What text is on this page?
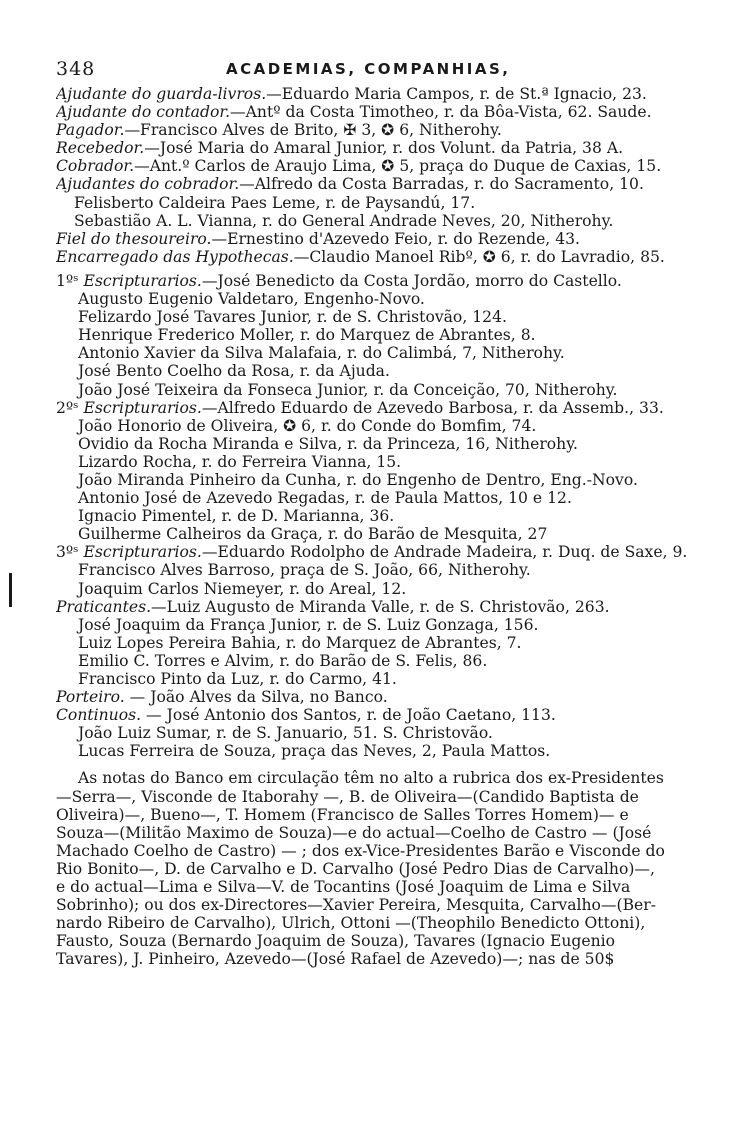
348	ACADEMIAS, COMPANHIAS,
Ajudante do guarda-livros.—Eduardo Maria Campos, r. de St.ª Ignacio, 23.
Ajudante do contador.—Antº da Costa Timotheo, r. da Bôa-Vista, 62. Saude.
Pagador.—Francisco Alves de Brito, ✠ 3, ✪ 6, Nitherohy.
Recebedor.—José Maria do Amaral Junior, r. dos Volunt. da Patria, 38 A.
Cobrador.—Ant.º Carlos de Araujo Lima, ✪ 5, praça do Duque de Caxias, 15.
Ajudantes do cobrador.—Alfredo da Costa Barradas, r. do Sacramento, 10.
Felisberto Caldeira Paes Leme, r. de Paysandú, 17.
Sebastião A. L. Vianna, r. do General Andrade Neves, 20, Nitherohy.
Fiel do thesoureiro.—Ernestino d'Azevedo Feio, r. do Rezende, 43.
Encarregado das Hypothecas.—Claudio Manoel Ribº, ✪ 6, r. do Lavradio, 85.
1ºˢ Escripturarios.—José Benedicto da Costa Jordão, morro do Castello.
Augusto Eugenio Valdetaro, Engenho-Novo.
Felizardo José Tavares Junior, r. de S. Christovão, 124.
Henrique Frederico Moller, r. do Marquez de Abrantes, 8.
Antonio Xavier da Silva Malafaia, r. do Calimbá, 7, Nitherohy.
José Bento Coelho da Rosa, r. da Ajuda.
João José Teixeira da Fonseca Junior, r. da Conceição, 70, Nitherohy.
2ºˢ Escripturarios.—Alfredo Eduardo de Azevedo Barbosa, r. da Assemb., 33.
João Honorio de Oliveira, ✪ 6, r. do Conde do Bomfim, 74.
Ovidio da Rocha Miranda e Silva, r. da Princeza, 16, Nitherohy.
Lizardo Rocha, r. do Ferreira Vianna, 15.
João Miranda Pinheiro da Cunha, r. do Engenho de Dentro, Eng.-Novo.
Antonio José de Azevedo Regadas, r. de Paula Mattos, 10 e 12.
Ignacio Pimentel, r. de D. Marianna, 36.
Guilherme Calheiros da Graça, r. do Barão de Mesquita, 27
3ºˢ Escripturarios.—Eduardo Rodolpho de Andrade Madeira, r. Duq. de Saxe, 9.
Francisco Alves Barroso, praça de S. João, 66, Nitherohy.
Joaquim Carlos Niemeyer, r. do Areal, 12.
Praticantes.—Luiz Augusto de Miranda Valle, r. de S. Christovão, 263.
José Joaquim da França Junior, r. de S. Luiz Gonzaga, 156.
Luiz Lopes Pereira Bahia, r. do Marquez de Abrantes, 7.
Emilio C. Torres e Alvim, r. do Barão de S. Felis, 86.
Francisco Pinto da Luz, r. do Carmo, 41.
Porteiro. — João Alves da Silva, no Banco.
Continuos. — José Antonio dos Santos, r. de João Caetano, 113.
João Luiz Sumar, r. de S. Januario, 51. S. Christovão.
Lucas Ferreira de Souza, praça das Neves, 2, Paula Mattos.
As notas do Banco em circulação têm no alto a rubrica dos ex-Presidentes
—Serra—, Visconde de Itaborahy —, B. de Oliveira—(Candido Baptista de
Oliveira)—, Bueno—, T. Homem (Francisco de Salles Torres Homem)— e
Souza—(Militão Maximo de Souza)—e do actual—Coelho de Castro — (José
Machado Coelho de Castro) — ; dos ex-Vice-Presidentes Barão e Visconde do
Rio Bonito—, D. de Carvalho e D. Carvalho (José Pedro Dias de Carvalho)—,
e do actual—Lima e Silva—V. de Tocantins (José Joaquim de Lima e Silva
Sobrinho); ou dos ex-Directores—Xavier Pereira, Mesquita, Carvalho—(Ber-
nardo Ribeiro de Carvalho), Ulrich, Ottoni —(Theophilo Benedicto Ottoni),
Fausto, Souza (Bernardo Joaquim de Souza), Tavares (Ignacio Eugenio
Tavares), J. Pinheiro, Azevedo—(José Rafael de Azevedo)—; nas de 50$
